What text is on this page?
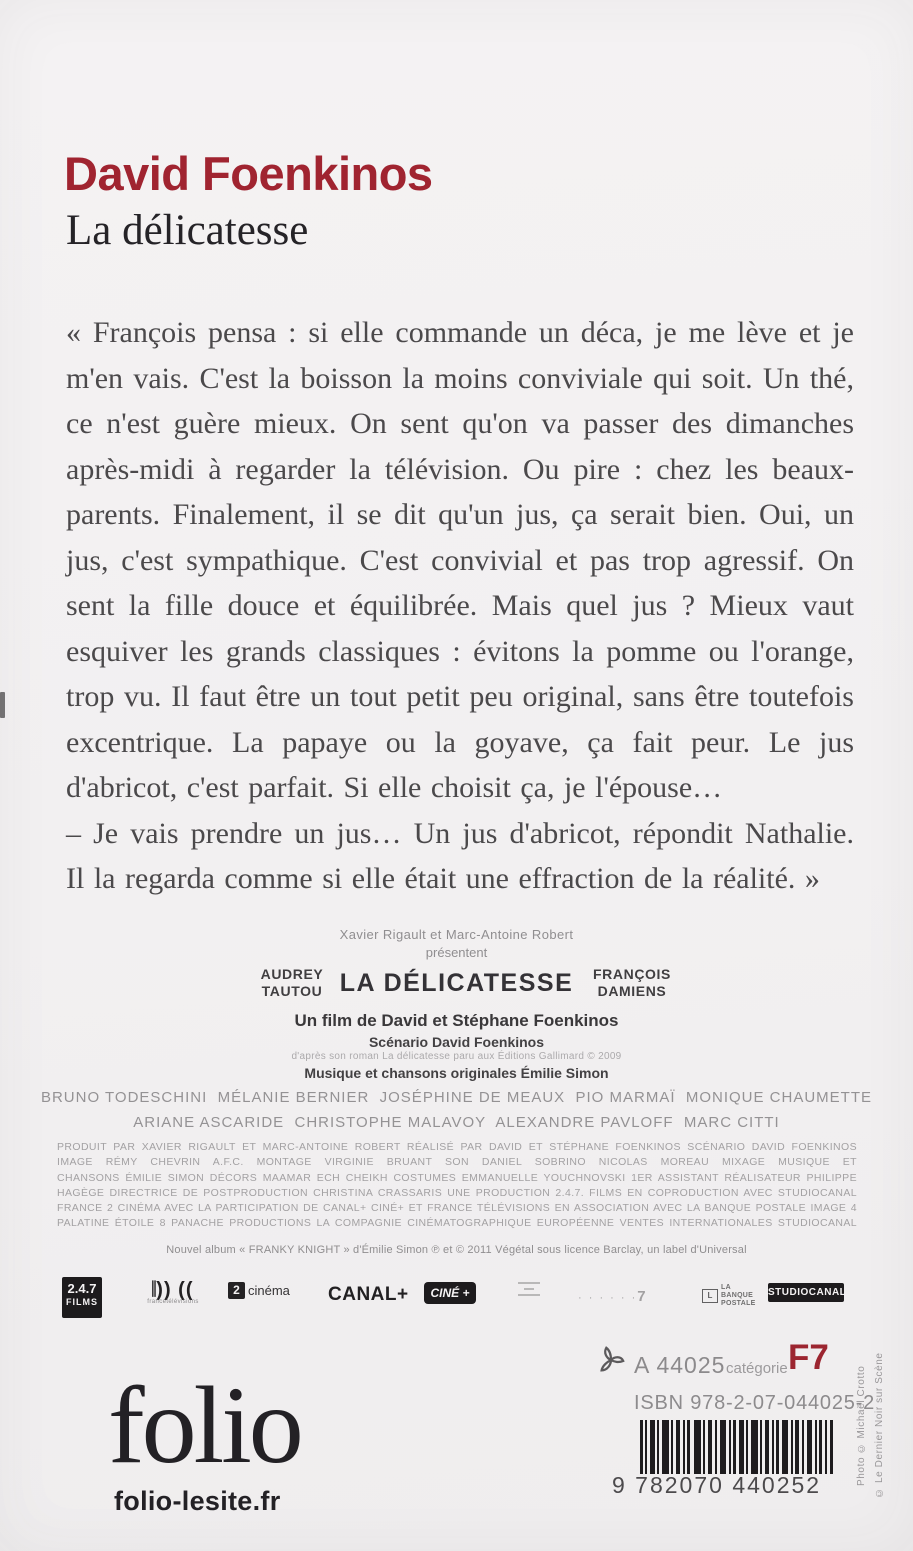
David Foenkinos
La délicatesse

« François pensa : si elle commande un déca, je me lève et je m'en vais. C'est la boisson la moins conviviale qui soit. Un thé, ce n'est guère mieux. On sent qu'on va passer des dimanches après-midi à regarder la télévision. Ou pire : chez les beaux-parents. Finalement, il se dit qu'un jus, ça serait bien. Oui, un jus, c'est sympathique. C'est convivial et pas trop agressif. On sent la fille douce et équilibrée. Mais quel jus ? Mieux vaut esquiver les grands classiques : évitons la pomme ou l'orange, trop vu. Il faut être un tout petit peu original, sans être toutefois excentrique. La papaye ou la goyave, ça fait peur. Le jus d'abricot, c'est parfait. Si elle choisit ça, je l'épouse…

– Je vais prendre un jus… Un jus d'abricot, répondit Nathalie. Il la regarda comme si elle était une effraction de la réalité. »

Xavier Rigault et Marc-Antoine Robert
présentent
AUDREY
TAUTOU LA DÉLICATESSE	FRANÇOIS
DAMIENS
Un film de David et Stéphane Foenkinos
Scénario David Foenkinos
d'après son roman La délicatesse paru aux Éditions Gallimard © 2009
Musique et chansons originales Émilie Simon
BRUNO TODESCHINI  MÉLANIE BERNIER  JOSÉPHINE DE MEAUX  PIO MARMAÏ  MONIQUE CHAUMETTE
ARIANE ASCARIDE  CHRISTOPHE MALAVOY  ALEXANDRE PAVLOFF  MARC CITTI
PRODUIT PAR XAVIER RIGAULT ET MARC-ANTOINE ROBERT RÉALISÉ PAR DAVID ET STÉPHANE FOENKINOS SCÉNARIO DAVID FOENKINOS
IMAGE RÉMY CHEVRIN A.F.C. MONTAGE VIRGINIE BRUANT SON DANIEL SOBRINO NICOLAS MOREAU MIXAGE MUSIQUE ET
CHANSONS ÉMILIE SIMON DÉCORS MAAMAR ECH CHEIKH COSTUMES EMMANUELLE YOUCHNOVSKI 1ER ASSISTANT RÉALISATEUR PHILIPPE
HAGÈGE DIRECTRICE DE POSTPRODUCTION CHRISTINA CRASSARIS UNE PRODUCTION 2.4.7. FILMS EN COPRODUCTION AVEC STUDIOCANAL
FRANCE 2 CINÉMA AVEC LA PARTICIPATION DE CANAL+ CINÉ+ ET FRANCE TÉLÉVISIONS EN ASSOCIATION AVEC LA BANQUE POSTALE IMAGE 4
PALATINE ÉTOILE 8 PANACHE PRODUCTIONS LA COMPAGNIE CINÉMATOGRAPHIQUE EUROPÉENNE VENTES INTERNATIONALES STUDIOCANAL
Nouvel album « FRANKY KNIGHT » d'Émilie Simon ℗ et © 2011 Végétal sous licence Barclay, un label d'Universal
2.4.7
FILMS
𝄁)) ((
francetélévisions
2 cinéma CANAL+	CINÉ +	· · · · · ·7	L
LA BANQUE POSTALE
STUDIOCANAL
A 44025 catégorie F7
ISBN 978-2-07-044025-2
9 782070 440252
folio
folio-lesite.fr
Photo © Michaël Crotto © Le Dernier Noir sur Scène
